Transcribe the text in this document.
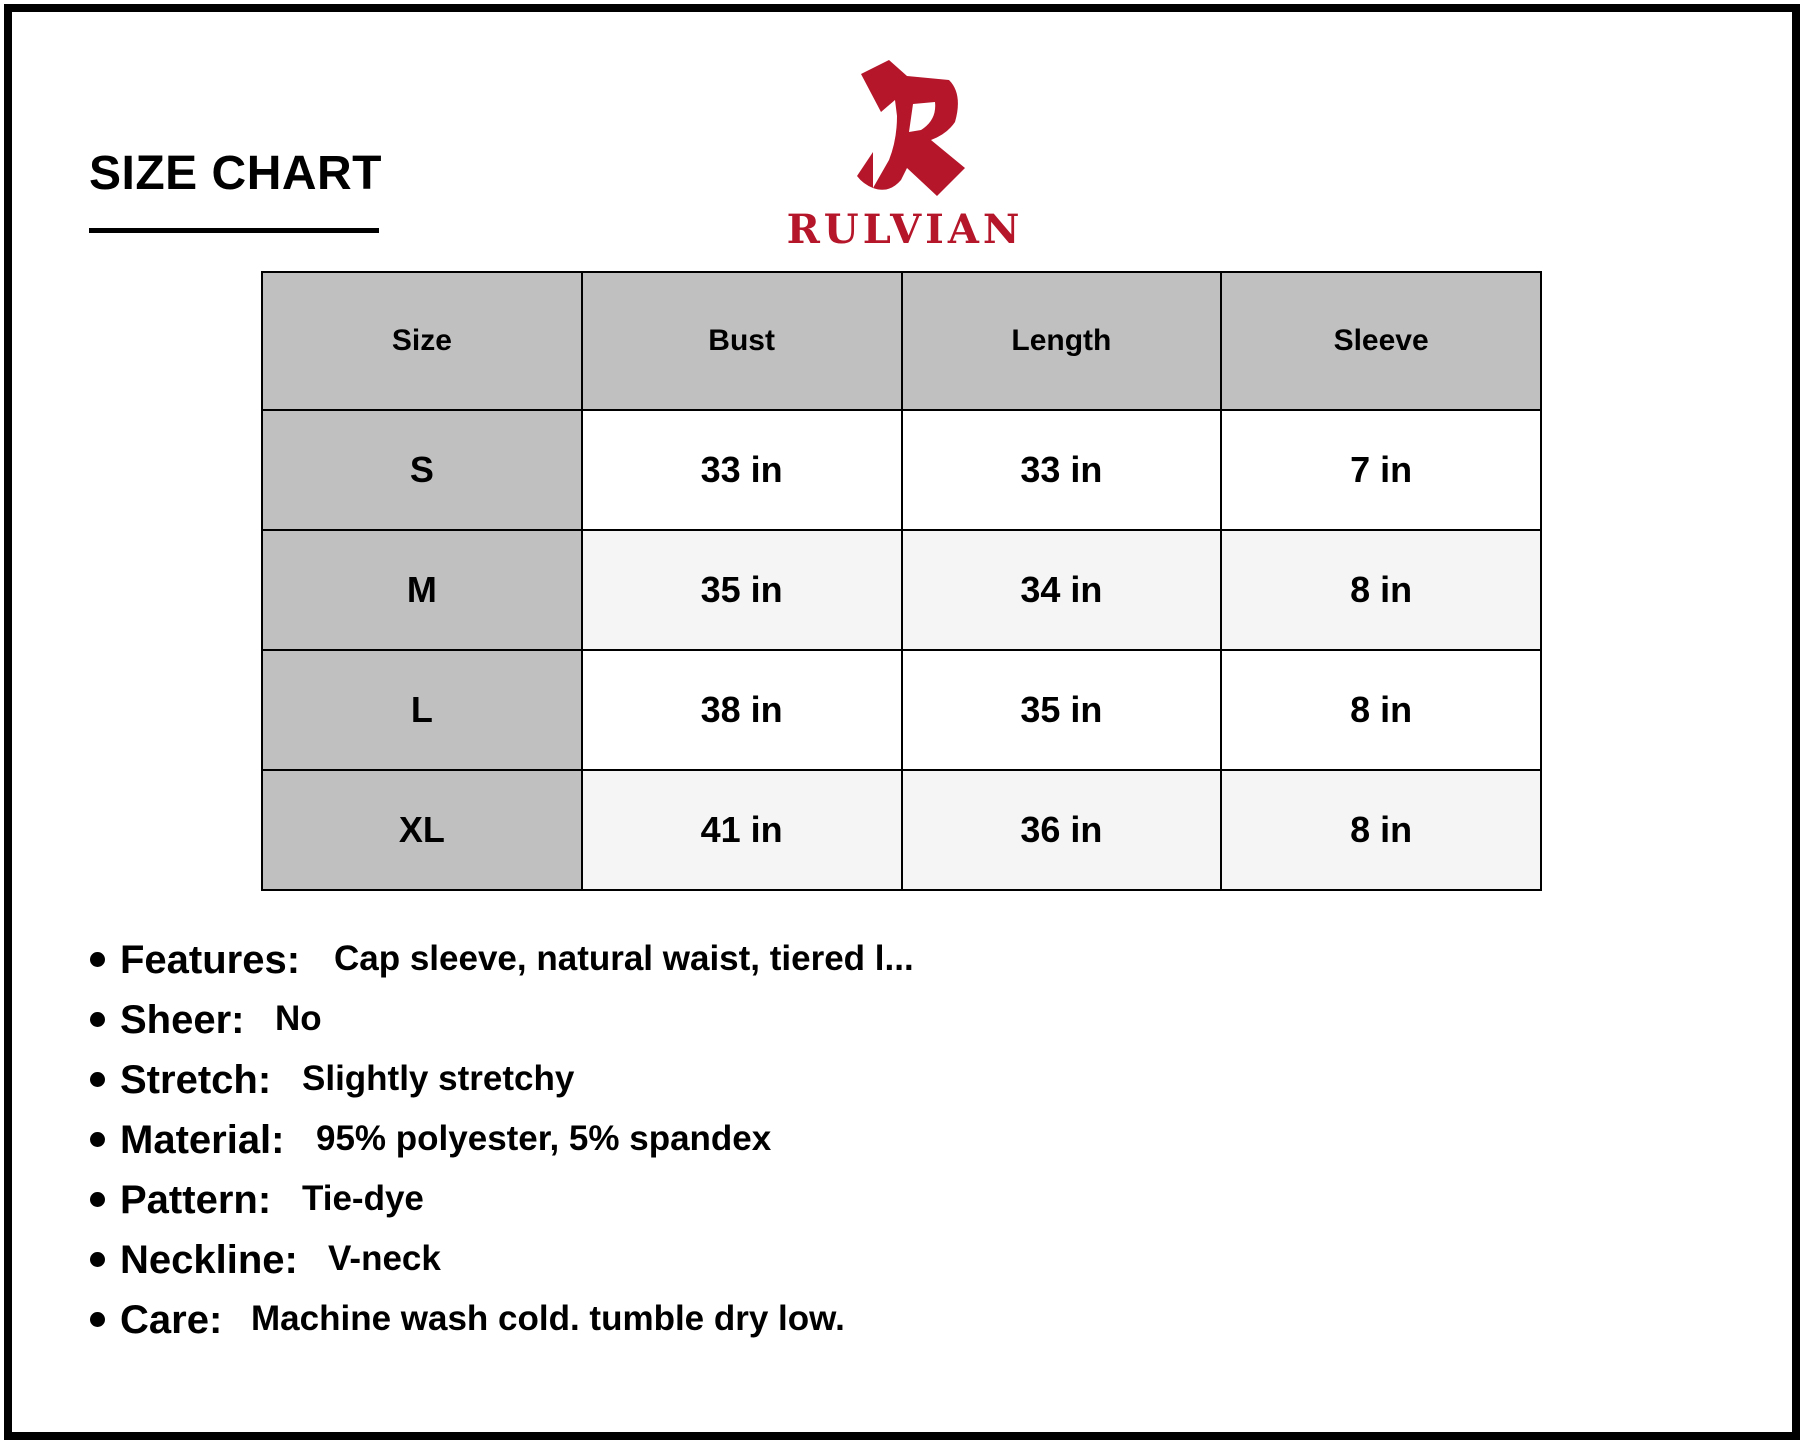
SIZE CHART
RULVIAN
Size	Bust	Length	Sleeve
S	33 in	33 in	7 in
M	35 in	34 in	8 in
L	38 in	35 in	8 in
XL	41 in	36 in	8 in
Features: Cap sleeve, natural waist, tiered l...
Sheer: No
Stretch: Slightly stretchy
Material: 95% polyester, 5% spandex
Pattern: Tie-dye
Neckline: V-neck
Care: Machine wash cold. tumble dry low.
